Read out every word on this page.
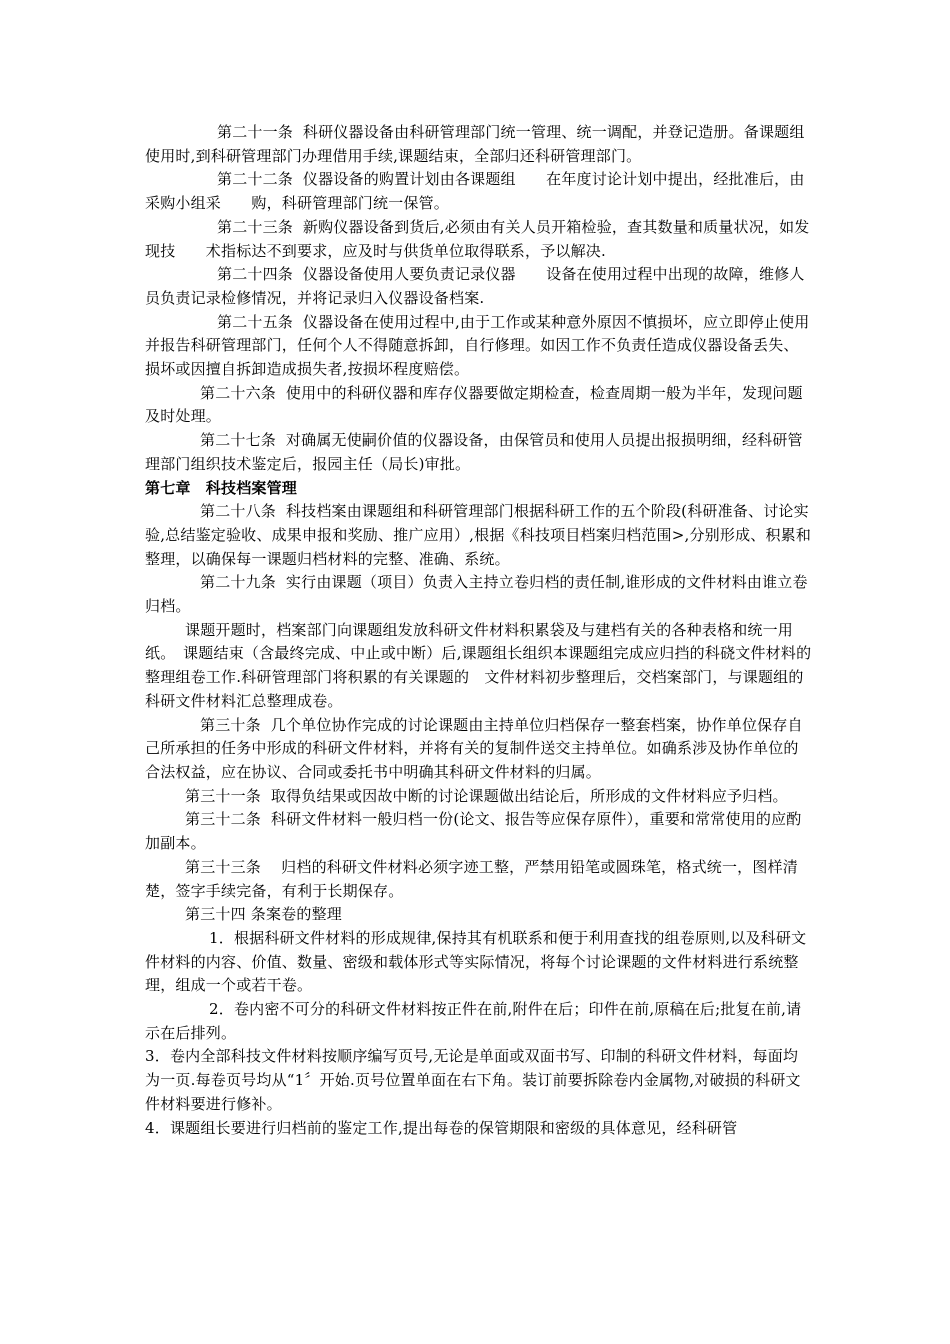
第二十一条  科研仪器设备由科研管理部门统一管理、统一调配，并登记造册。备课题组使用时,到科研管理部门办理借用手续,课题结束，全部归还科研管理部门。

第二十二条  仪器设备的购置计划由各课题组　　在年度讨论计划中提出，经批准后，由采购小组采　　购，科研管理部门统一保管。

第二十三条  新购仪器设备到货后,必须由有关人员开箱检验，查其数量和质量状况，如发现技　　术指标达不到要求，应及时与供货单位取得联系，予以解决.

第二十四条  仪器设备使用人要负责记录仪器　　设备在使用过程中出现的故障，维修人员负责记录检修情况，并将记录归入仪器设备档案.

第二十五条  仪器设备在使用过程中,由于工作或某种意外原因不慎损坏，应立即停止使用并报告科研管理部门，任何个人不得随意拆卸，自行修理。如因工作不负责任造成仪器设备丢失、损坏或因擅自拆卸造成损失者,按损坏程度赔偿。

第二十六条  使用中的科研仪器和库存仪器要做定期检查，检查周期一般为半年，发现问题及时处理。

第二十七条  对确属无使嗣价值的仪器设备，由保管员和使用人员提出报损明细，经科研管理部门组织技术鉴定后，报园主任（局长)审批。

第七章　科技档案管理

第二十八条  科技档案由课题组和科研管理部门根据科研工作的五个阶段(科研准备、讨论实验,总结鉴定验收、成果申报和奖励、推广应用）,根据《科技项目档案归档范围>,分别形成、积累和整理，以确保每一课题归档材料的完整、准确、系统。

第二十九条  实行由课题（项目）负责入主持立卷归档的责任制,谁形成的文件材料由谁立卷归档。

课题开题时，档案部门向课题组发放科研文件材料积累袋及与建档有关的各种表格和统一用纸。　课题结束（含最终完成、中止或中断）后,课题组长组织本课题组完成应归挡的科硗文件材料的整理组卷工作.科研管理部门将积累的有关课题的　文件材料初步整理后，交档案部门，与课题组的科研文件材料汇总整理成卷。

第三十条  几个单位协作完成的讨论课题由主持单位归档保存一整套档案，协作单位保存自己所承担的任务中形成的科研文件材料，并将有关的复制件送交主持单位。如确系涉及协作单位的合法权益，应在协议、合同或委托书中明确其科研文件材料的归属。

第三十一条  取得负结果或因故中断的讨论课题做出结论后，所形成的文件材料应予归档。

第三十二条  科研文件材料一般归档一份(论文、报告等应保存原件），重要和常常使用的应酌加副本。

第三十三条　 归档的科研文件材料必须字迹工整，严禁用铅笔或圆珠笔，格式统一，图样清楚，签字手续完备，有利于长期保存。

第三十四 条案卷的整理

1．根据科研文件材料的形成规律,保持其有机联系和便于利用查找的组卷原则,以及科研文件材料的内容、价值、数量、密级和载体形式等实际情况，将每个讨论课题的文件材料进行系统整理，组成一个或若干卷。

2．卷内密不可分的科研文件材料按正件在前,附件在后；印件在前,原稿在后;批复在前,请示在后排列。

3．卷内全部科技文件材料按顺序编写页号,无论是单面或双面书写、印制的科研文件材料，每面均为一页.每卷页号均从“1〞开始.页号位置单面在右下角。装订前要拆除卷内金属物,对破损的科研文件材料要进行修补。

4．课题组长要进行归档前的鉴定工作,提出每卷的保管期限和密级的具体意见，经科研管
